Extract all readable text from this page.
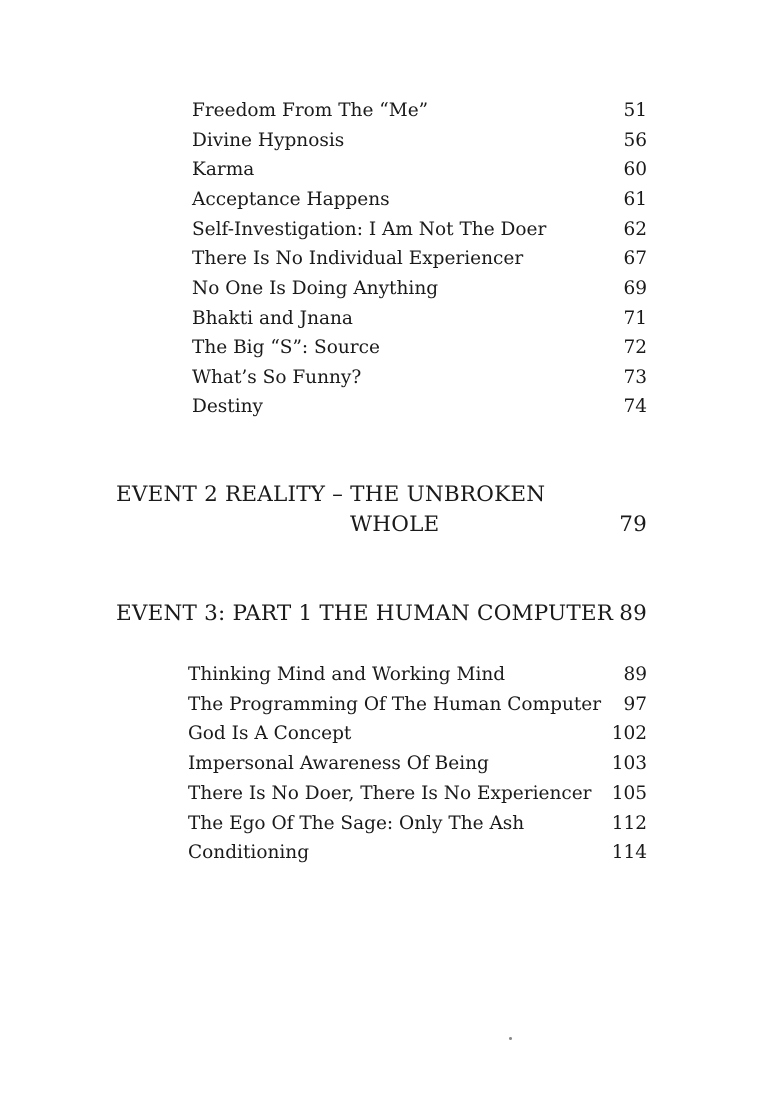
Freedom From The “Me”	51
Divine Hypnosis	56
Karma	60
Acceptance Happens	61
Self-Investigation: I Am Not The Doer	62
There Is No Individual Experiencer	67
No One Is Doing Anything	69
Bhakti and Jnana	71
The Big “S”: Source	72
What’s So Funny?	73
Destiny	74
EVENT 2 REALITY – THE UNBROKEN
WHOLE	79
EVENT 3: PART 1 THE HUMAN COMPUTER 89
Thinking Mind and Working Mind	89
The Programming Of The Human Computer 97
God Is A Concept	102
Impersonal Awareness Of Being	103
There Is No Doer, There Is No Experiencer 105
The Ego Of The Sage: Only The Ash	112
Conditioning	114
